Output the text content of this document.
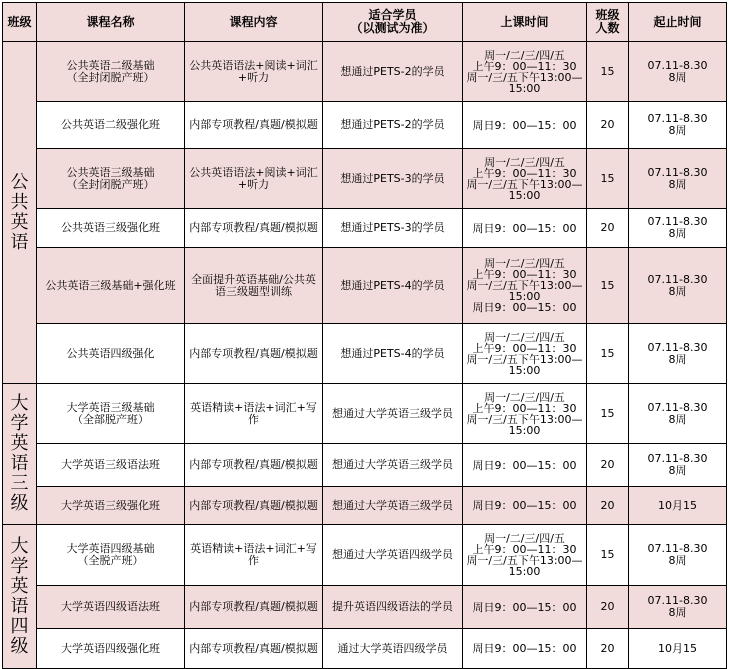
班级	课程名称	课程内容	适合学员
（以测试为准）	上课时间	班级
人数	起止时间

公共英语	公共英语二级基础
（全封闭脱产班）	公共英语语法+阅读+词汇+听力	想通过PETS-2的学员	周一/二/三/四/五
上午9：00—11：30
周一/三/五下午13:00—
15:00	15	07.11-8.30
8周

	公共英语二级强化班	内部专项教程/真题/模拟题	想通过PETS-2的学员	周日9：00—15：00	20	07.11-8.30
8周

	公共英语三级基础
（全封闭脱产班）	公共英语语法+阅读+词汇+听力	想通过PETS-3的学员	周一/二/三/四/五
上午9：00—11：30
周一/三/五下午13:00—
15:00	15	07.11-8.30
8周

	公共英语三级强化班	内部专项教程/真题/模拟题	想通过PETS-3的学员	周日9：00—15：00	20	07.11-8.30
8周

	公共英语三级基础+强化班	全面提升英语基础/公共英语三级题型训练	想通过PETS-4的学员	周一/二/三/四/五
上午9：00—11：30
周一/三/五下午13:00—
15:00
周日9：00—15：00	15	07.11-8.30
8周

	公共英语四级强化	内部专项教程/真题/模拟题	想通过PETS-4的学员	周一/二/三/四/五
上午9：00—11：30
周一/三/五下午13:00—
15:00	15	07.11-8.30
8周

大学英语三级	大学英语三级基础
（全部脱产班）	英语精读+语法+词汇+写作	想通过大学英语三级学员	周一/二/三/四/五
上午9：00—11：30
周一/三/五下午13:00—
15:00	15	07.11-8.30
8周

	大学英语三级语法班	内部专项教程/真题/模拟题	想通过大学英语三级学员	周日9：00—15：00	20	07.11-8.30
8周

	大学英语三级强化班	内部专项教程/真题/模拟题	想通过大学英语三级学员	周日9：00—15：00	20	10月15

大学英语四级	大学英语四级基础
（全脱产班）	英语精读+语法+词汇+写作	想通过大学英语四级学员	周一/二/三/四/五
上午9：00—11：30
周一/三/五下午13:00—
15:00	15	07.11-8.30
8周

	大学英语四级语法班	内部专项教程/真题/模拟题	提升英语四级语法的学员	周日9：00—15：00	20	07.11-8.30
8周

	大学英语四级强化班	内部专项教程/真题/模拟题	通过大学英语四级学员	周日9：00—15：00	20	10月15
